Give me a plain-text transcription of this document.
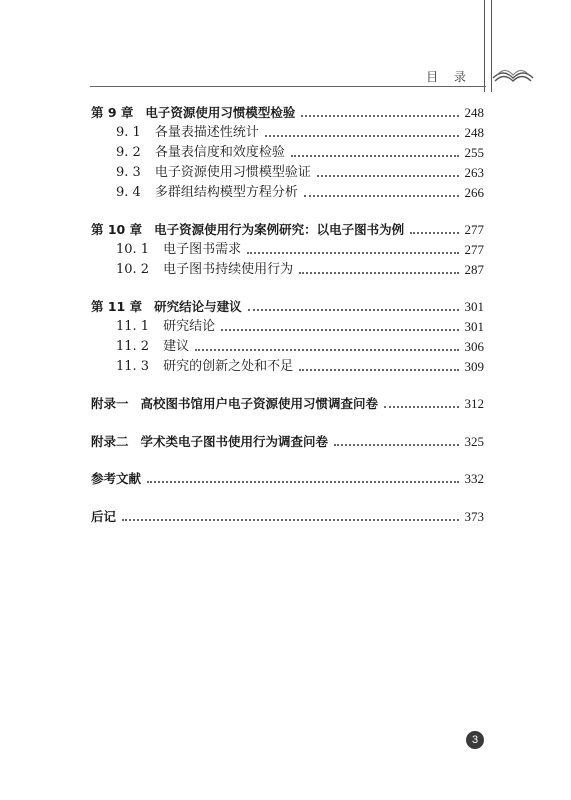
目 录
第 9 章 电子资源使用习惯模型检验	248
9. 1 各量表描述性统计	248
9. 2 各量表信度和效度检验	255
9. 3 电子资源使用习惯模型验证	263
9. 4 多群组结构模型方程分析	266
第 10 章 电子资源使用行为案例研究：以电子图书为例	277
10. 1 电子图书需求	277
10. 2 电子图书持续使用行为	287
第 11 章 研究结论与建议	301
11. 1 研究结论	301
11. 2 建议	306
11. 3 研究的创新之处和不足	309
附录一 高校图书馆用户电子资源使用习惯调查问卷	312
附录二 学术类电子图书使用行为调查问卷	325
参考文献	332
后记	373
3
